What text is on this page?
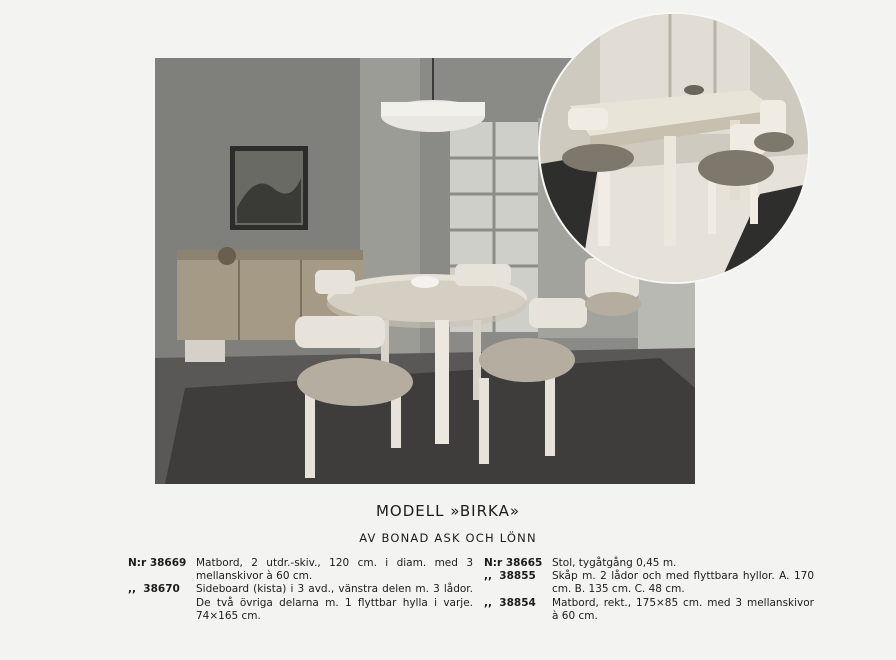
MODELL »BIRKA»
AV BONAD ASK OCH LÖNN
N:r 38669 Matbord, 2 utdr.-skiv., 120 cm. i diam. med 3 mellanskivor à 60 cm.
,,  38670	Sideboard (kista) i 3 avd., vänstra delen m. 3 lådor. De två övriga delarna m. 1 flyttbar hylla i varje. 74×165 cm.
N:r 38665 Stol, tygåtgång 0,45 m.
,,  38855	Skåp m. 2 lådor och med flyttbara hyllor. A. 170 cm. B. 135 cm. C. 48 cm.
,,  38854	Matbord, rekt., 175×85 cm. med 3 mellanskivor à 60 cm.
